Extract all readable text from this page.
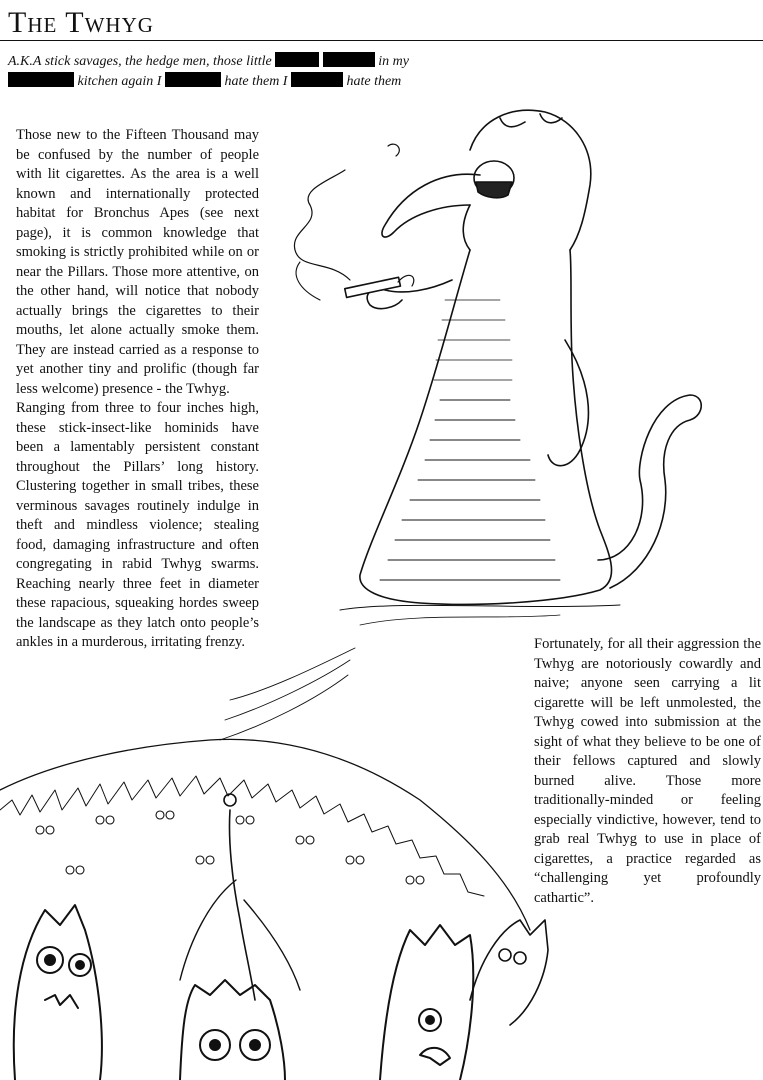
The Twhyg
A.K.A stick savages, the hedge men, those little	in my
kitchen again I	hate them I	hate them

Those new to the Fifteen Thousand may be confused by the number of people with lit cigarettes. As the area is a well known and internationally protected habitat for Bronchus Apes (see next page), it is common knowledge that smoking is strictly prohibited while on or near the Pillars. Those more attentive, on the other hand, will notice that nobody actually brings the cigarettes to their mouths, let alone actually smoke them. They are instead carried as a response to yet another tiny and prolific (though far less welcome) presence - the Twhyg.

Ranging from three to four inches high, these stick-insect-like hominids have been a lamentably persistent constant throughout the Pillars’ long history. Clustering together in small tribes, these verminous savages routinely indulge in theft and mindless violence; stealing food, damaging infrastructure and often congregating in rabid Twhyg swarms. Reaching nearly three feet in diameter these rapacious, squeaking hordes sweep the landscape as they latch onto people’s ankles in a murderous, irritating frenzy.	Fortunately, for all their aggression the Twhyg are notoriously cowardly and naive; anyone seen carrying a lit cigarette will be left unmolested, the Twhyg cowed into submission at the sight of what they believe to be one of their fellows captured and slowly burned alive. Those more traditionally-minded or feeling especially vindictive, however, tend to grab real Twhyg to use in place of cigarettes, a practice regarded as “challenging yet profoundly cathartic”.
